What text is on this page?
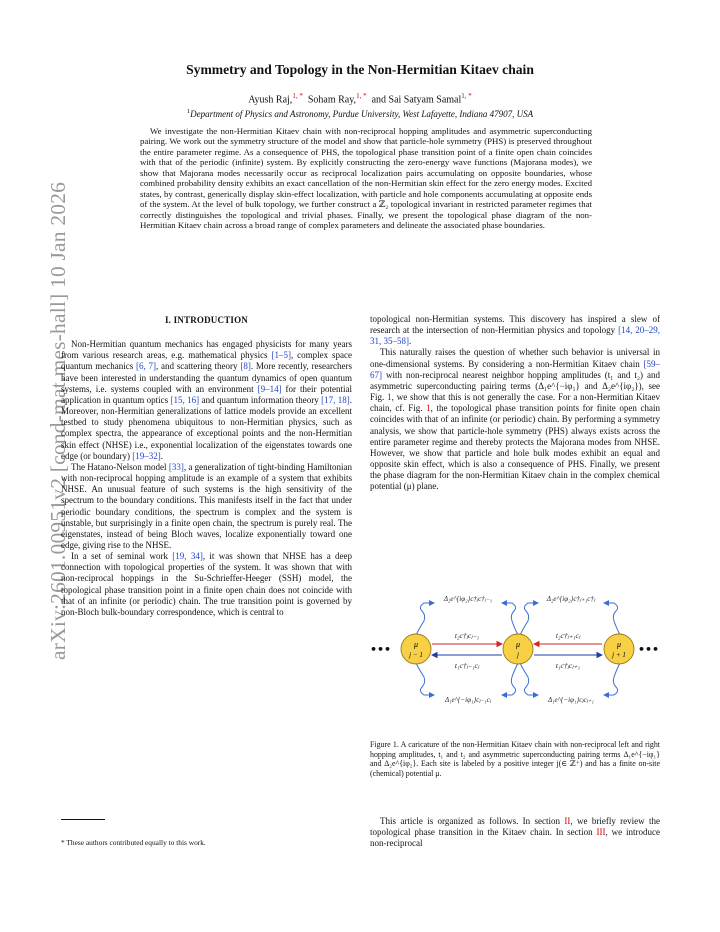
arXiv:2601.00951v2 [cond-mat.mes-hall] 10 Jan 2026
Symmetry and Topology in the Non-Hermitian Kitaev chain
Ayush Raj,$^{1, *}$ Soham Ray,$^{1, *}$ and Sai Satyam Samal$^{1, *}$
$^1$Department of Physics and Astronomy, Purdue University, West Lafayette, Indiana 47907, USA

We investigate the non-Hermitian Kitaev chain with non-reciprocal hopping amplitudes and asymmetric superconducting pairing. We work out the symmetry structure of the model and show that particle-hole symmetry (PHS) is preserved throughout the entire parameter regime. As a consequence of PHS, the topological phase transition point of a finite open chain coincides with that of the periodic (infinite) system. By explicitly constructing the zero-energy wave functions (Majorana modes), we show that Majorana modes necessarily occur as reciprocal localization pairs accumulating on opposite boundaries, whose combined probability density exhibits an exact cancellation of the non-Hermitian skin effect for the zero energy modes. Excited states, by contrast, generically display skin-effect localization, with particle and hole components accumulating at opposite ends of the system. At the level of bulk topology, we further construct a ℤ₂ topological invariant in restricted parameter regimes that correctly distinguishes the topological and trivial phases. Finally, we present the topological phase diagram of the non-Hermitian Kitaev chain across a broad range of complex parameters and delineate the associated phase boundaries.

I. INTRODUCTION

Non-Hermitian quantum mechanics has engaged physicists for many years from various research areas, e.g. mathematical physics [1–5], complex space quantum mechanics [6, 7], and scattering theory [8]. More recently, researchers have been interested in understanding the quantum dynamics of open quantum systems, i.e. systems coupled with an environment [9–14] for their potential application in quantum optics [15, 16] and quantum information theory [17, 18]. Moreover, non-Hermitian generalizations of lattice models provide an excellent testbed to study phenomena ubiquitous to non-Hermitian physics, such as complex spectra, the appearance of exceptional points and the non-Hermitian skin effect (NHSE) i.e., exponential localization of the eigenstates towards one edge (or boundary) [19–32].

The Hatano-Nelson model [33], a generalization of tight-binding Hamiltonian with non-reciprocal hopping amplitude is an example of a system that exhibits NHSE. An unusual feature of such systems is the high sensitivity of the spectrum to the boundary conditions. This manifests itself in the fact that under periodic boundary conditions, the spectrum is complex and the system is unstable, but surprisingly in a finite open chain, the spectrum is purely real. The eigenstates, instead of being Bloch waves, localize exponentially toward one edge, giving rise to the NHSE.

In a set of seminal work [19, 34], it was shown that NHSE has a deep connection with topological properties of the system. It was shown that with non-reciprocal hoppings in the Su-Schrieffer-Heeger (SSH) model, the topological phase transition point in a finite open chain does not coincide with that of an infinite (or periodic) chain. The true transition point is governed by non-Bloch bulk-boundary correspondence, which is central to

topological non-Hermitian systems. This discovery has inspired a slew of research at the intersection of non-Hermitian physics and topology [14, 20–29, 31, 35–58].

This naturally raises the question of whether such behavior is universal in one-dimensional systems. By considering a non-Hermitian Kitaev chain [59–67] with non-reciprocal nearest neighbor hopping amplitudes (t₁ and t₂) and asymmetric superconducting pairing terms (Δ₁e^{−iφ₁} and Δ₂e^{iφ₂}), see Fig. 1, we show that this is not generally the case. For a non-Hermitian Kitaev chain, cf. Fig. 1, the topological phase transition points for finite open chain coincides with that of an infinite (or periodic) chain. By performing a symmetry analysis, we show that particle-hole symmetry (PHS) always exists across the entire parameter regime and thereby protects the Majorana modes from NHSE. However, we show that particle and hole bulk modes exhibit an equal and opposite skin effect, which is also a consequence of PHS. Finally, we present the phase diagram for the non-Hermitian Kitaev chain in the complex chemical potential (μ) plane.

t₂c†ⱼcⱼ₋₁
t₁c†ⱼ₋₁cⱼ
t₂c†ⱼ₊₁cⱼ
t₁c†ⱼcⱼ₊₁
Δ₂e^{iφ₂}c†ⱼc†ⱼ₋₁	Δ₂e^{iφ₂}c†ⱼ₊₁c†ⱼ
Δ₁e^{−iφ₁}cⱼ₋₁cⱼ	Δ₁e^{−iφ₁}cⱼcⱼ₊₁
•••	•••
μ
j − 1
μ
j
μ
j + 1

Figure 1. A caricature of the non-Hermitian Kitaev chain with non-reciprocal left and right hopping amplitudes, t₁ and t₂ and asymmetric superconducting pairing terms Δ₁e^{−iφ₁} and Δ₂e^{iφ₂}. Each site is labeled by a positive integer j(∈ ℤ⁺) and has a finite on-site (chemical) potential μ.

This article is organized as follows. In section II, we briefly review the topological phase transition in the Kitaev chain. In section III, we introduce non-reciprocal

* These authors contributed equally to this work.
